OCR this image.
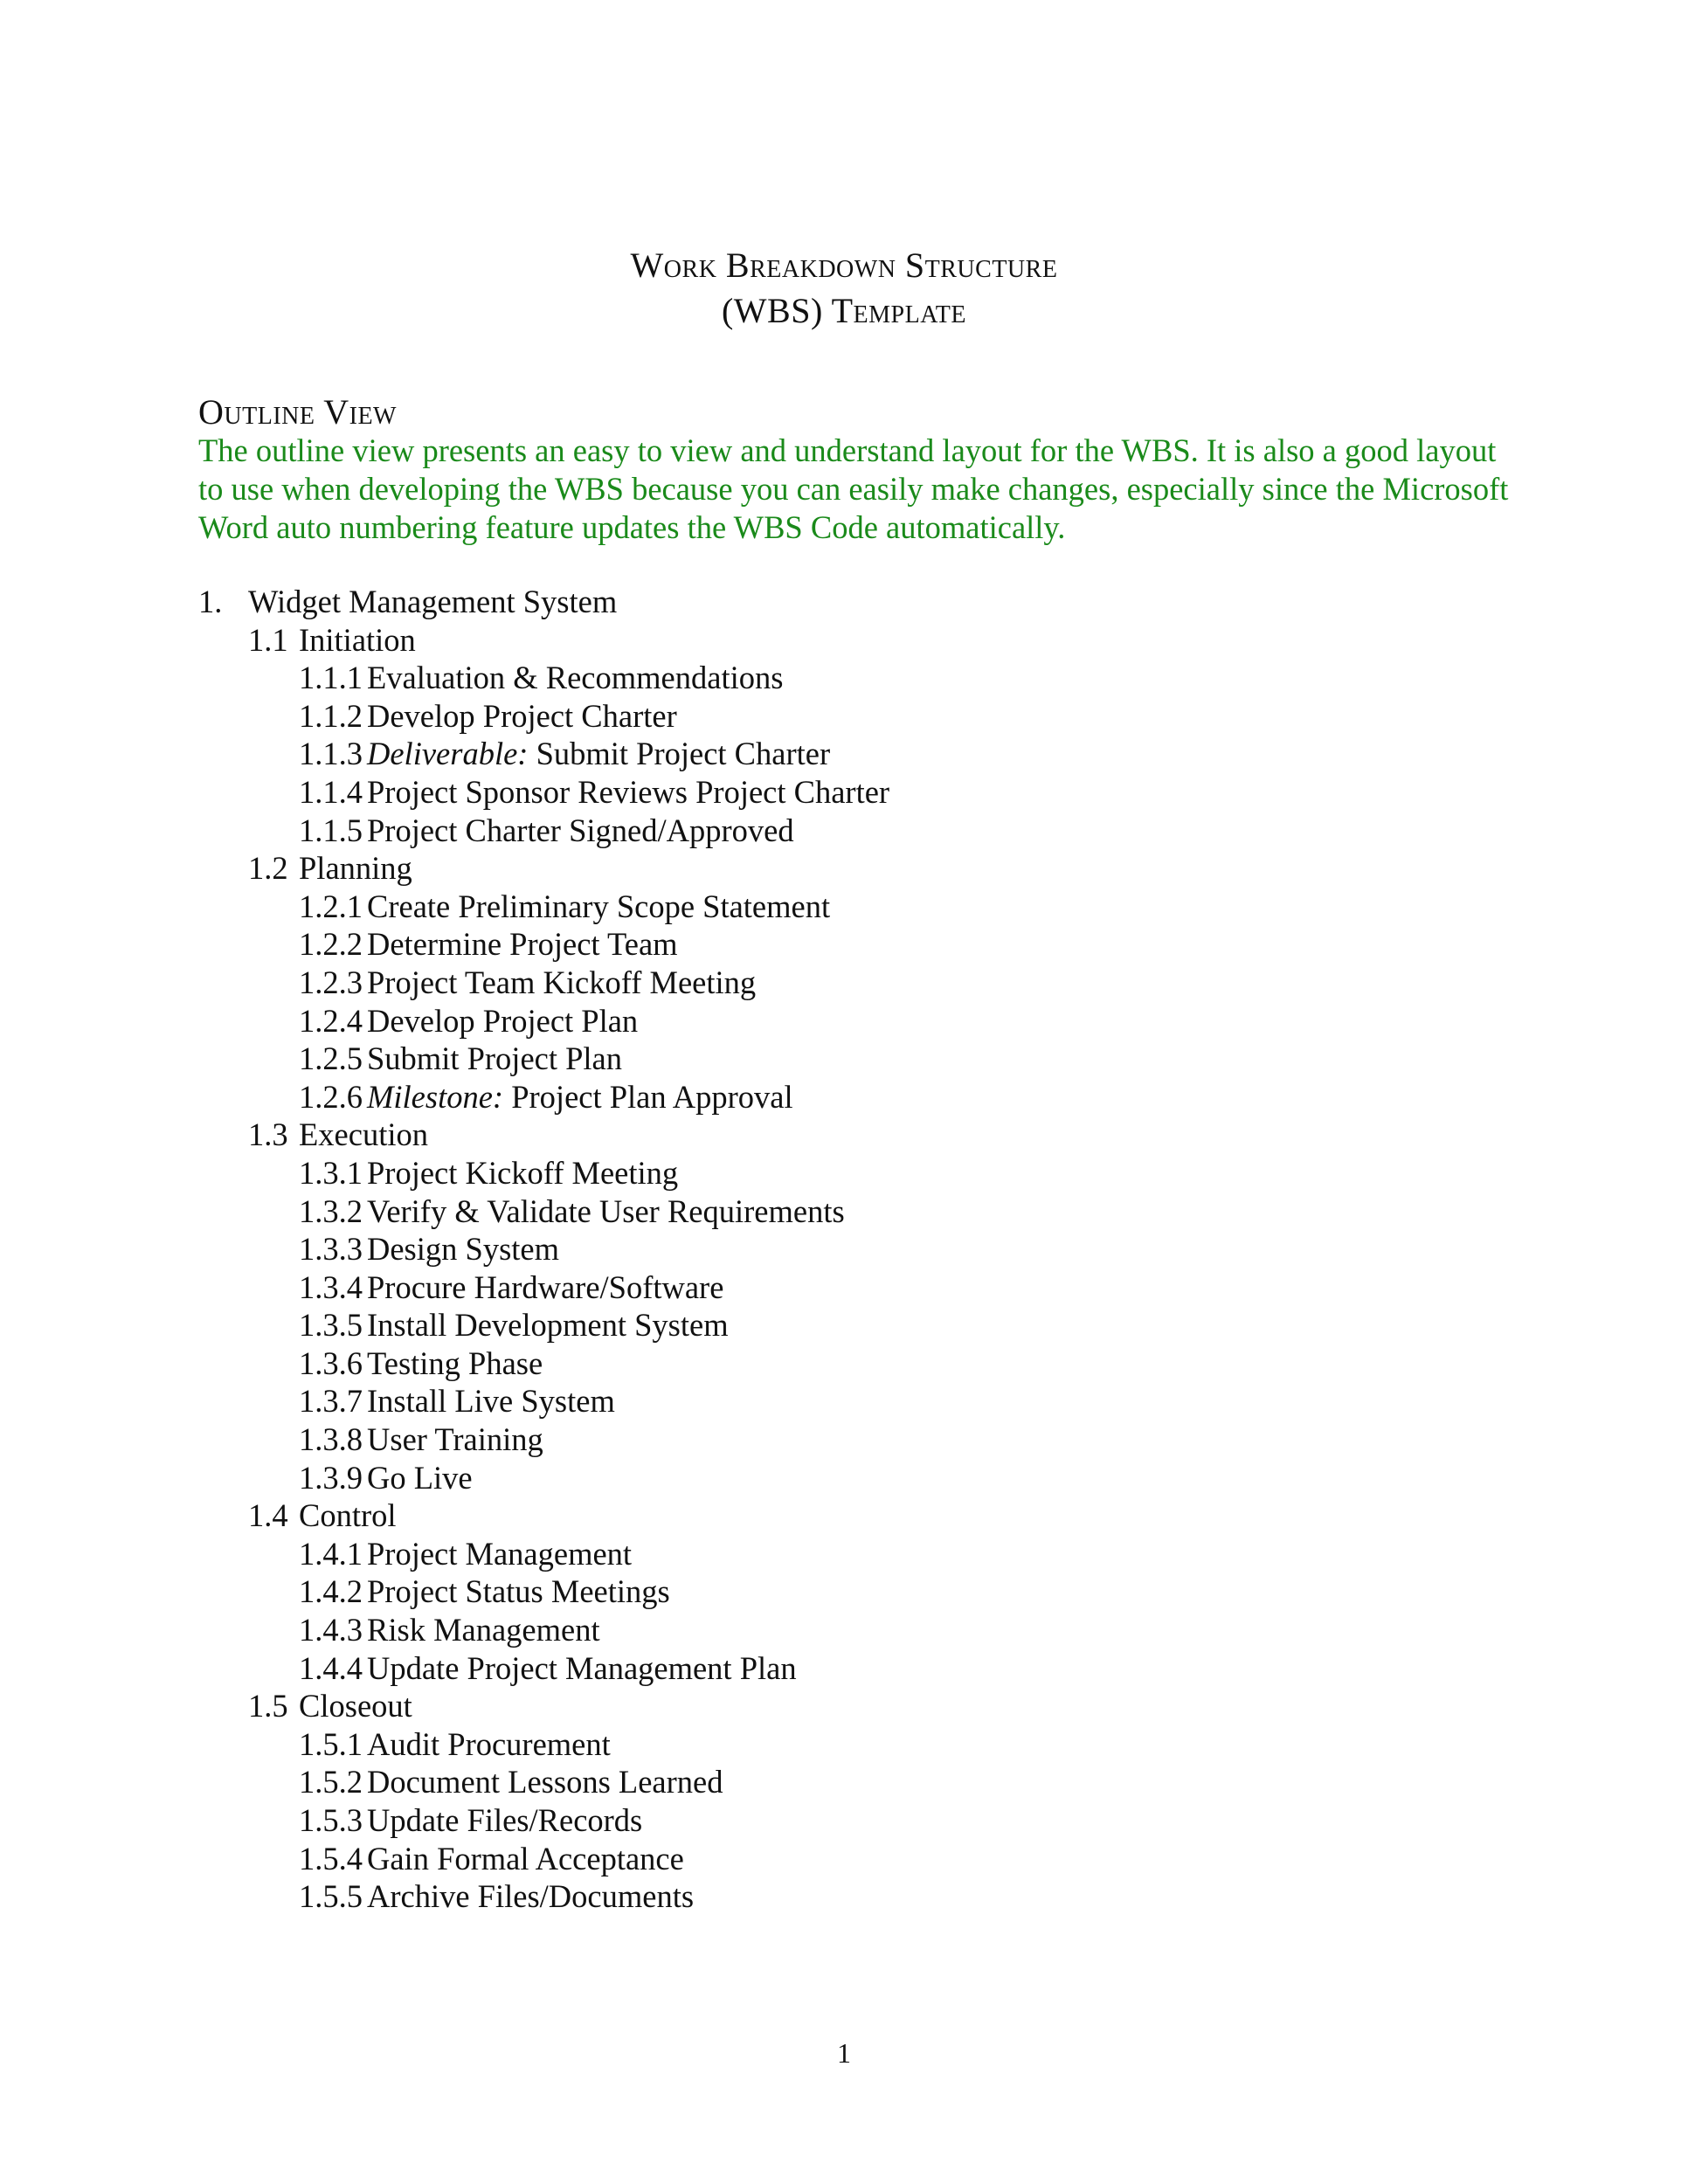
Work Breakdown Structure
(WBS) Template
Outline View
The outline view presents an easy to view and understand layout for the WBS. It is also a good layout to use when developing the WBS because you can easily make changes, especially since the Microsoft Word auto numbering feature updates the WBS Code automatically.
1. Widget Management System
1.1 Initiation
1.1.1 Evaluation & Recommendations
1.1.2 Develop Project Charter
1.1.3 Deliverable: Submit Project Charter
1.1.4 Project Sponsor Reviews Project Charter
1.1.5 Project Charter Signed/Approved
1.2 Planning
1.2.1 Create Preliminary Scope Statement
1.2.2 Determine Project Team
1.2.3 Project Team Kickoff Meeting
1.2.4 Develop Project Plan
1.2.5 Submit Project Plan
1.2.6 Milestone: Project Plan Approval
1.3 Execution
1.3.1 Project Kickoff Meeting
1.3.2 Verify & Validate User Requirements
1.3.3 Design System
1.3.4 Procure Hardware/Software
1.3.5 Install Development System
1.3.6 Testing Phase
1.3.7 Install Live System
1.3.8 User Training
1.3.9 Go Live
1.4 Control
1.4.1 Project Management
1.4.2 Project Status Meetings
1.4.3 Risk Management
1.4.4 Update Project Management Plan
1.5 Closeout
1.5.1 Audit Procurement
1.5.2 Document Lessons Learned
1.5.3 Update Files/Records
1.5.4 Gain Formal Acceptance
1.5.5 Archive Files/Documents
1
